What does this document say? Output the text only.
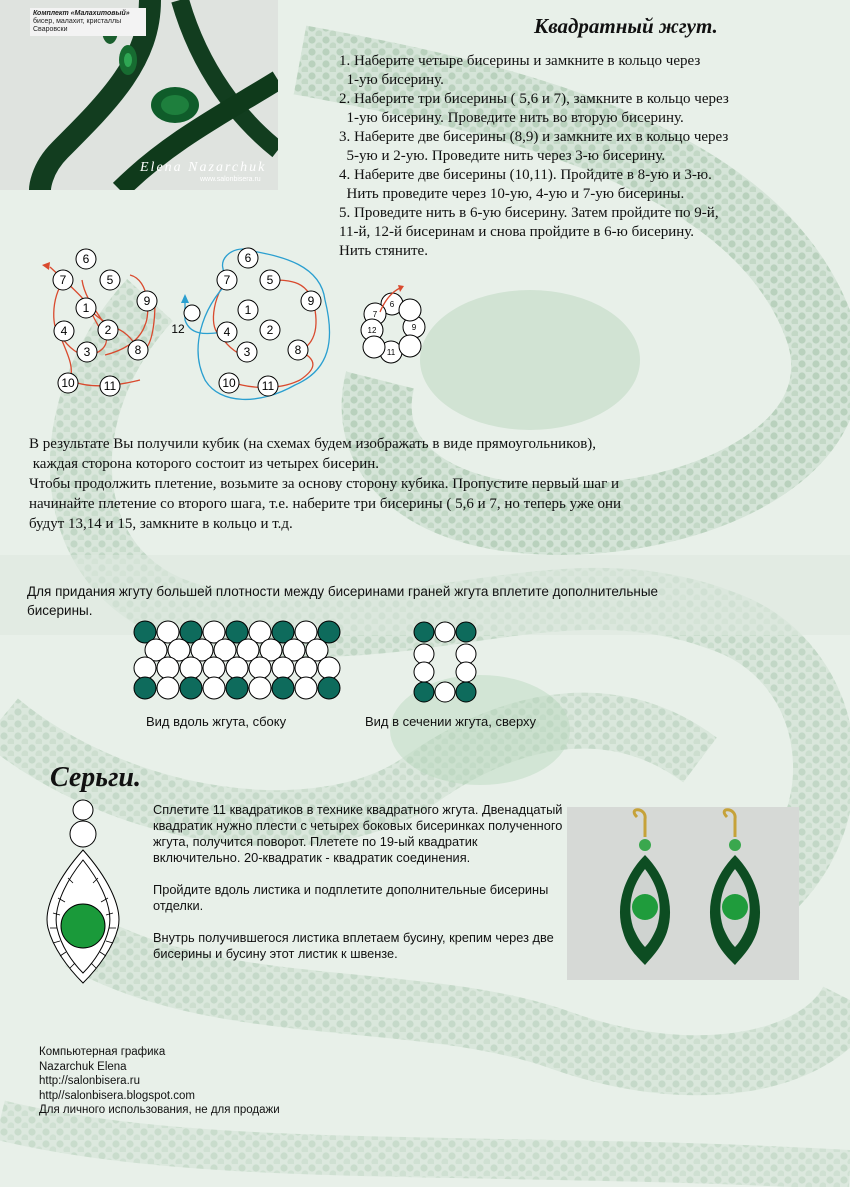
Комплект «Малахитовый»
бисер, малахит, кристаллы Сваровски
Elena Nazarchuk
www.salonbisera.ru
Квадратный жгут.
1. Наберите четыре бисерины и замкните в кольцо через
1-ую бисерину.
2. Наберите три бисерины ( 5,6 и 7), замкните в кольцо через
1-ую бисерину. Проведите нить во вторую бисерину.
3. Наберите две бисерины (8,9) и замкните их в кольцо через
5-ую и 2-ую. Проведите нить через 3-ю бисерину.
4. Наберите две бисерины (10,11). Пройдите в 8-ую и 3-ю.
Нить проведите через 10-ую, 4-ую и 7-ую бисерины.
5. Проведите нить в 6-ую бисерину. Затем пройдите по 9-й,
11-й, 12-й бисеринам и снова пройдите в 6-ю бисерину.
Нить стяните.
6
7	5
9
1
4	2
3	8
10 11
6
7	5
9
12
1
4	2
3	8
10 11
6
7
12	9
11

В результате Вы получили кубик (на схемах будем изображать в виде прямоугольников),

каждая сторона которого состоит из четырех бисерин.

Чтобы продолжить плетение, возьмите за основу сторону кубика. Пропустите первый шаг и

начинайте плетение со второго шага, т.е. наберите три бисерины ( 5,6 и 7, но теперь уже они

будут 13,14 и 15, замкните в кольцо и т.д.

Для придания жгуту большей плотности между бисеринами граней жгута вплетите дополнительные
бисерины.
Вид вдоль жгута, сбоку	Вид в сечении жгута, сверху
Серьги.

Сплетите 11 квадратиков в технике квадратного жгута. Двенадцатый квадратик нужно плести с четырех боковых бисеринках полученного жгута, получится поворот. Плетете по 19-ый квадратик включительно. 20-квадратик - квадратик соединения.

Пройдите вдоль листика и подплетите дополнительные бисерины отделки.

Внутрь получившегося листика вплетаем бусину, крепим через две бисерины и бусину этот листик к швензе.

Компьютерная графика
Nazarchuk Elena
http://salonbisera.ru
http//salonbisera.blogspot.com
Для личного использования, не для продажи
